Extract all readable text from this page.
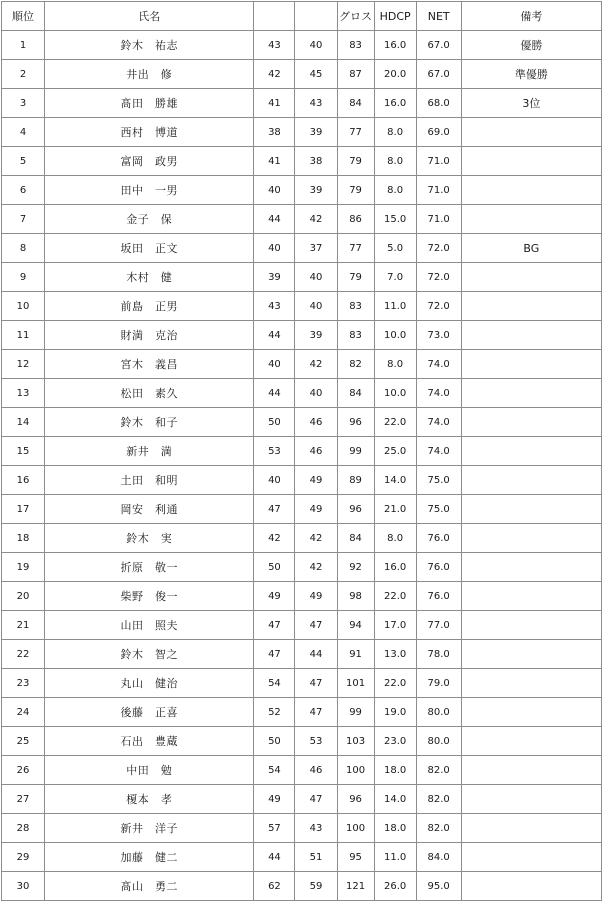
順位	氏名			グロス	HDCP	NET	備考
1	鈴木　祐志	43	40	83	16.0	67.0	優勝
2	井出　修	42	45	87	20.0	67.0	準優勝
3	髙田　勝雄	41	43	84	16.0	68.0	3位
4	西村　博道	38	39	77	8.0	69.0	
5	富岡　政男	41	38	79	8.0	71.0	
6	田中　一男	40	39	79	8.0	71.0	
7	金子　保	44	42	86	15.0	71.0	
8	坂田　正文	40	37	77	5.0	72.0	BG
9	木村　健	39	40	79	7.0	72.0	
10	前島　正男	43	40	83	11.0	72.0	
11	財満　克治	44	39	83	10.0	73.0	
12	宮木　義昌	40	42	82	8.0	74.0	
13	松田　素久	44	40	84	10.0	74.0	
14	鈴木　和子	50	46	96	22.0	74.0	
15	新井　満	53	46	99	25.0	74.0	
16	土田　和明	40	49	89	14.0	75.0	
17	岡安　利通	47	49	96	21.0	75.0	
18	鈴木　実	42	42	84	8.0	76.0	
19	折原　敬一	50	42	92	16.0	76.0	
20	柴野　俊一	49	49	98	22.0	76.0	
21	山田　照夫	47	47	94	17.0	77.0	
22	鈴木　智之	47	44	91	13.0	78.0	
23	丸山　健治	54	47	101	22.0	79.0	
24	後藤　正喜	52	47	99	19.0	80.0	
25	石出　豊蔵	50	53	103	23.0	80.0	
26	中田　勉	54	46	100	18.0	82.0	
27	榎本　孝	49	47	96	14.0	82.0	
28	新井　洋子	57	43	100	18.0	82.0	
29	加藤　健二	44	51	95	11.0	84.0	
30	髙山　勇二	62	59	121	26.0	95.0	
